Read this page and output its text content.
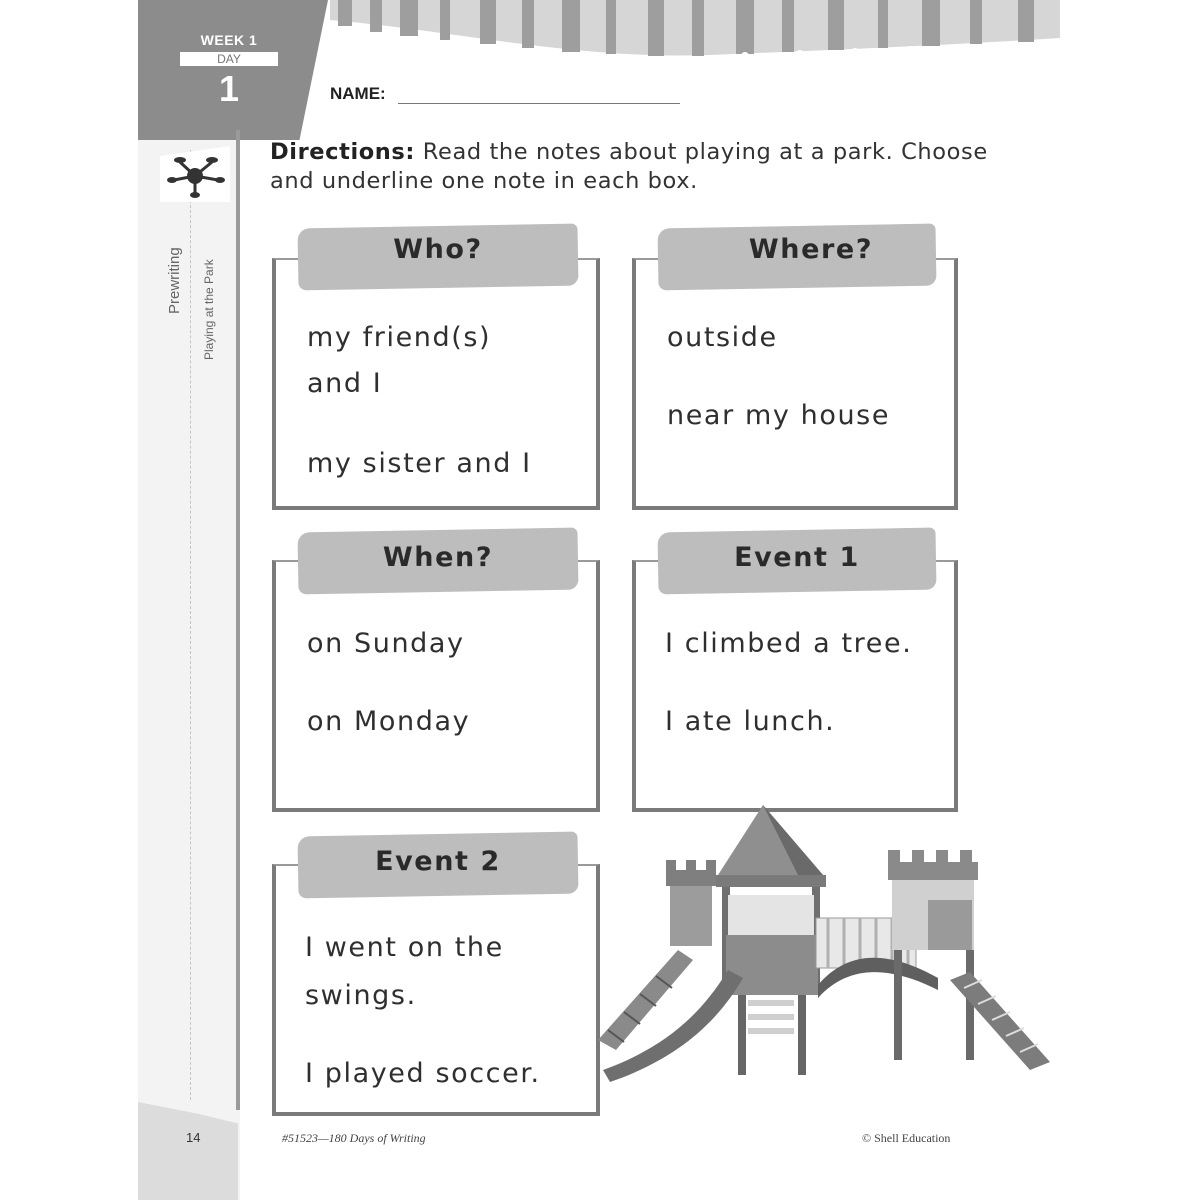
WEEK 1
DAY
1
Prewriting Playing at the Park
NAME:
Directions: Read the notes about playing at a park. Choose and underline one note in each box.
Who?
my friend(s)
and I
my sister and I
Where?
outside
near my house
When?
on Sunday
on Monday
Event 1
I climbed a tree.
I ate lunch.
Event 2
I went on the
swings.
I played soccer.
14	#51523—180 Days of Writing	© Shell Education
